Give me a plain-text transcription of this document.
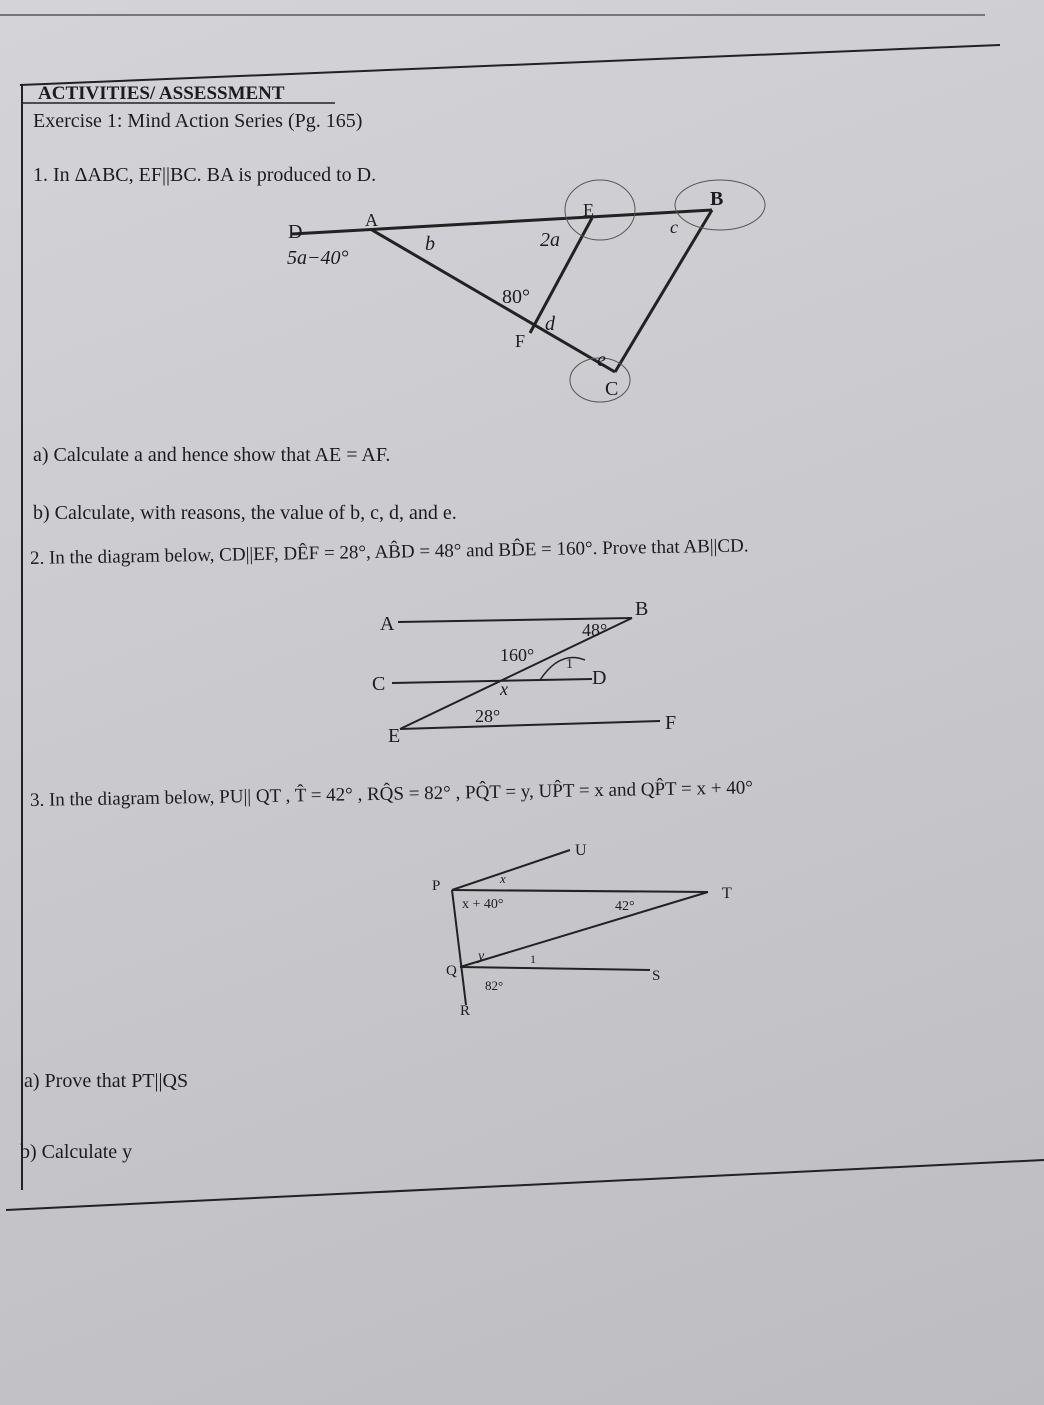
D
A	E	B
C
F
5a−40°
b	2a
c
80°
d
e
A
B
C	D
E
F
48°
160°
x
1
28°
U
P	T
Q	S
R
x
x + 40°	42°
y	1
82°
ACTIVITIES/ ASSESSMENT
Exercise 1: Mind Action Series (Pg. 165)
1. In ΔABC, EF||BC. BA is produced to D.
a) Calculate a and hence show that AE = AF.
b) Calculate, with reasons, the value of b, c, d, and e.
2. In the diagram below, CD||EF, DÊF = 28°, AB̂D = 48° and BD̂E = 160°. Prove that AB||CD.
3. In the diagram below, PU|| QT , T̂ = 42° , RQ̂S = 82° , PQ̂T = y, UP̂T = x and QP̂T = x + 40°
a) Prove that PT||QS
b) Calculate y
